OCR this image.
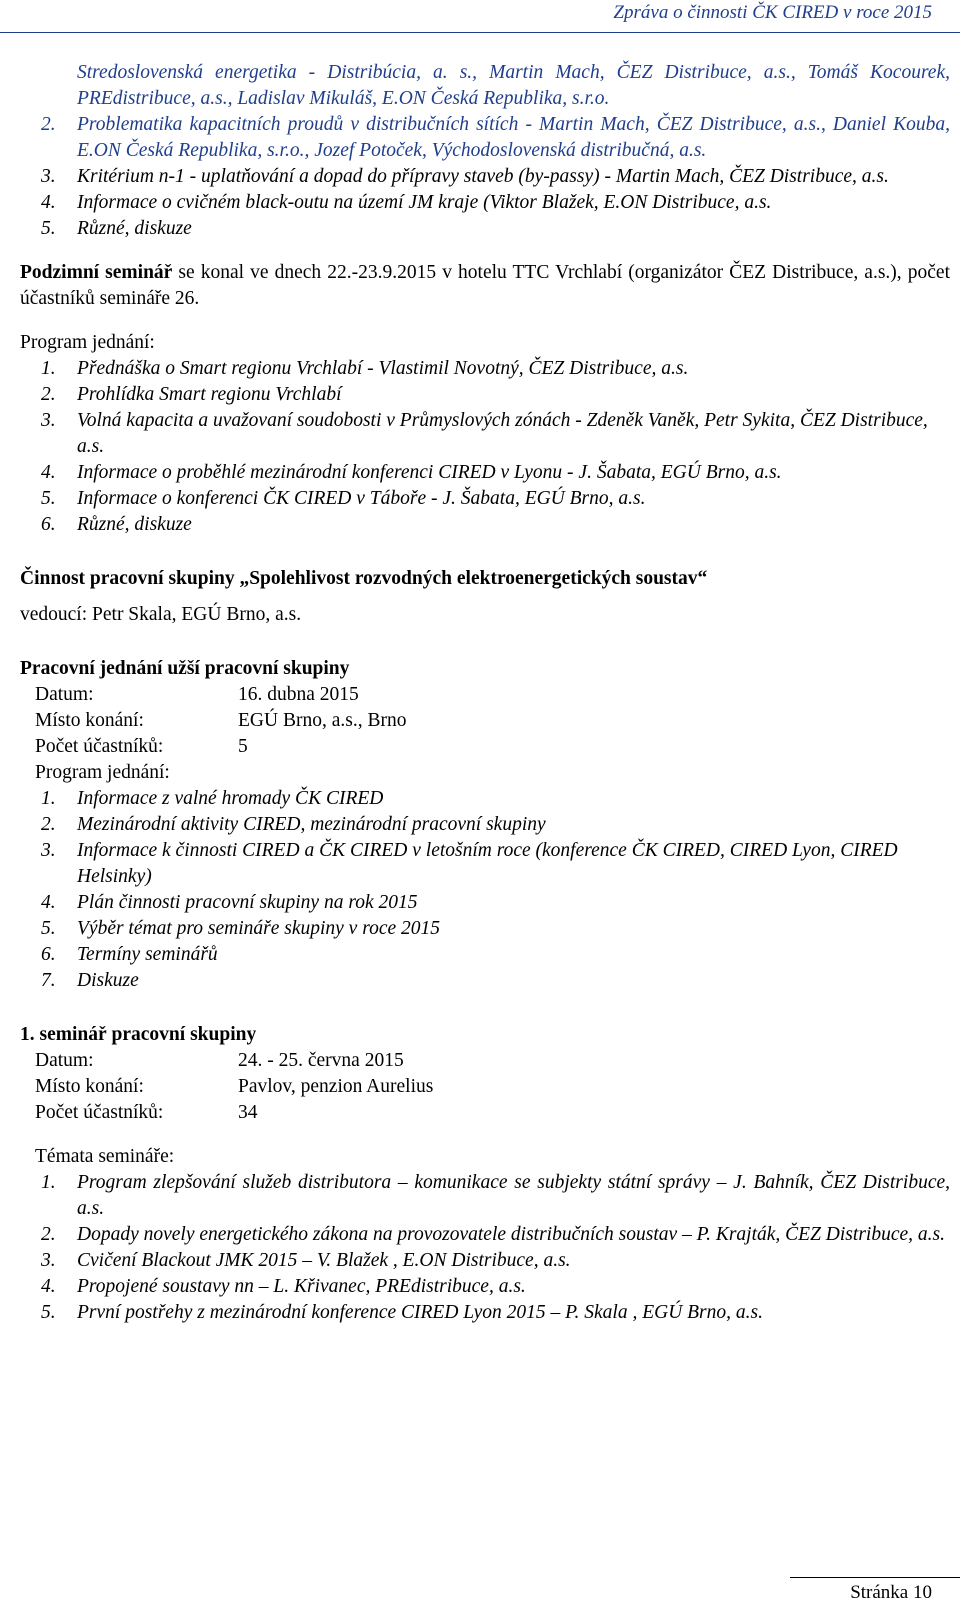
Zpráva o činnosti ČK CIRED v roce 2015
Stredoslovenská energetika - Distribúcia, a. s., Martin Mach, ČEZ Distribuce, a.s., Tomáš Kocourek, PREdistribuce, a.s., Ladislav Mikuláš, E.ON Česká Republika, s.r.o.
2. Problematika kapacitních proudů v distribučních sítích - Martin Mach, ČEZ Distribuce, a.s., Daniel Kouba, E.ON Česká Republika, s.r.o., Jozef Potoček, Východoslovenská distribučná, a.s.
3. Kritérium n-1 - uplatňování a dopad do přípravy staveb (by-passy) - Martin Mach, ČEZ Distribuce, a.s.
4. Informace o cvičném black-outu na území JM kraje (Viktor Blažek, E.ON Distribuce, a.s.
5. Různé, diskuze
Podzimní seminář se konal ve dnech 22.-23.9.2015 v hotelu TTC Vrchlabí (organizátor ČEZ Distribuce, a.s.), počet účastníků semináře 26.

Program jednání:

1. Přednáška o Smart regionu Vrchlabí - Vlastimil Novotný, ČEZ Distribuce, a.s.
2. Prohlídka Smart regionu Vrchlabí
3. Volná kapacita a uvažovaní soudobosti v Průmyslových zónách - Zdeněk Vaněk, Petr Sykita, ČEZ Distribuce, a.s.
4. Informace o proběhlé mezinárodní konferenci CIRED v Lyonu - J. Šabata, EGÚ Brno, a.s.
5. Informace o konferenci ČK CIRED v Táboře - J. Šabata, EGÚ Brno, a.s.
6. Různé, diskuze

Činnost pracovní skupiny „Spolehlivost rozvodných elektroenergetických soustav“

vedoucí: Petr Skala, EGÚ Brno, a.s.

Pracovní jednání užší pracovní skupiny

Datum:	16. dubna 2015
Místo konání:	EGÚ Brno, a.s., Brno
Počet účastníků:	5

Program jednání:

1. Informace z valné hromady ČK CIRED
2. Mezinárodní aktivity CIRED, mezinárodní pracovní skupiny
3. Informace k činnosti CIRED a ČK CIRED v letošním roce (konference ČK CIRED, CIRED Lyon, CIRED Helsinky)
4. Plán činnosti pracovní skupiny na rok 2015
5. Výběr témat pro semináře skupiny v roce 2015
6. Termíny seminářů
7. Diskuze

1. seminář pracovní skupiny

Datum:	24. - 25. června 2015
Místo konání:	Pavlov, penzion Aurelius
Počet účastníků:	34

Témata semináře:

1. Program zlepšování služeb distributora – komunikace se subjekty státní správy – J. Bahník, ČEZ Distribuce, a.s.
2. Dopady novely energetického zákona na provozovatele distribučních soustav – P. Krajták, ČEZ Distribuce, a.s.
3. Cvičení Blackout JMK 2015 – V. Blažek , E.ON Distribuce, a.s.
4. Propojené soustavy nn – L. Křivanec, PREdistribuce, a.s.
5. První postřehy z mezinárodní konference CIRED Lyon 2015 – P. Skala , EGÚ Brno, a.s.
Stránka 10
